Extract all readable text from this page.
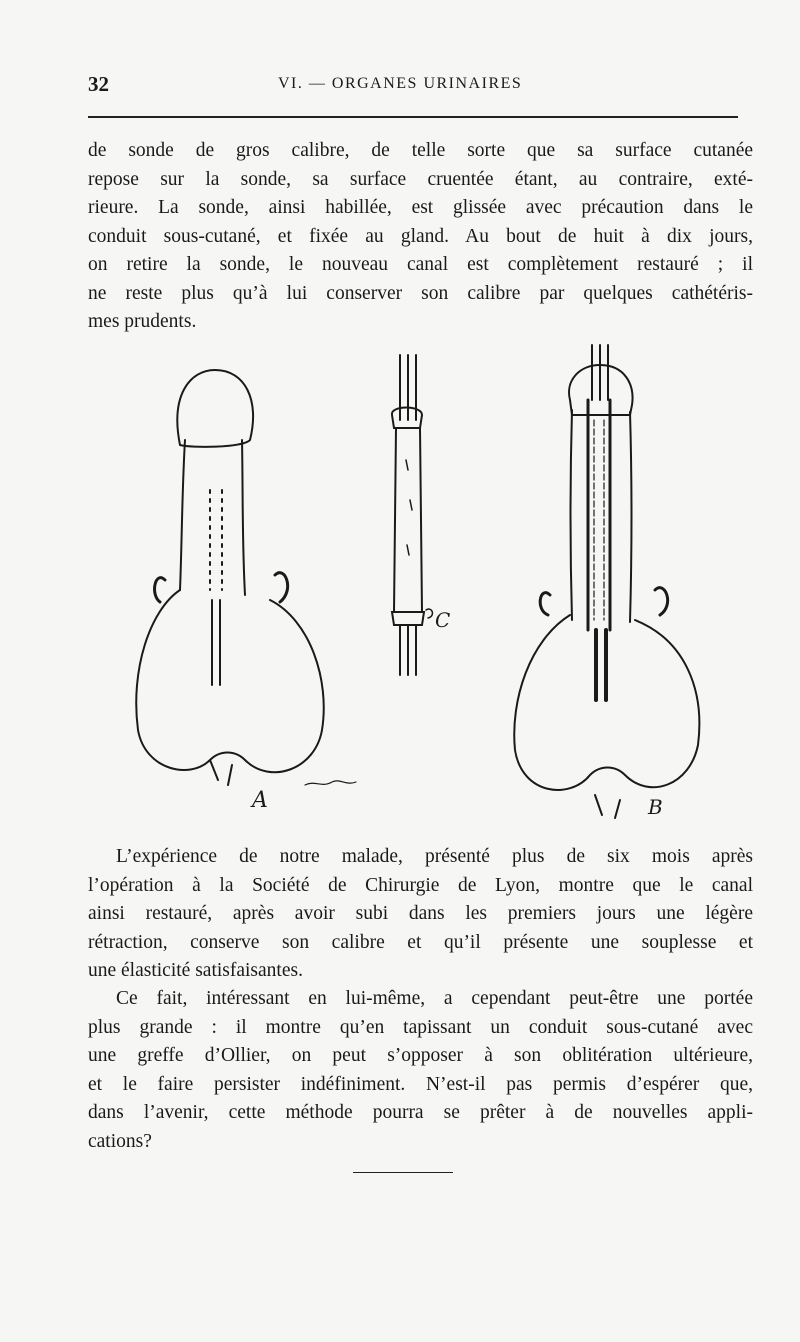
32	VI. — ORGANES URINAIRES
de sonde de gros calibre, de telle sorte que sa surface cutanée
repose sur la sonde, sa surface cruentée étant, au contraire, exté-
rieure. La sonde, ainsi habillée, est glissée avec précaution dans le
conduit sous-cutané, et fixée au gland. Au bout de huit à dix jours,
on retire la sonde, le nouveau canal est complètement restauré ; il
ne reste plus qu’à lui conserver son calibre par quelques cathétéris-
mes prudents.
A	B
C
L’expérience de notre malade, présenté plus de six mois après
l’opération à la Société de Chirurgie de Lyon, montre que le canal
ainsi restauré, après avoir subi dans les premiers jours une légère
rétraction, conserve son calibre et qu’il présente une souplesse et
une élasticité satisfaisantes.
Ce fait, intéressant en lui-même, a cependant peut-être une portée
plus grande : il montre qu’en tapissant un conduit sous-cutané avec
une greffe d’Ollier, on peut s’opposer à son oblitération ultérieure,
et le faire persister indéfiniment. N’est-il pas permis d’espérer que,
dans l’avenir, cette méthode pourra se prêter à de nouvelles appli-
cations?
